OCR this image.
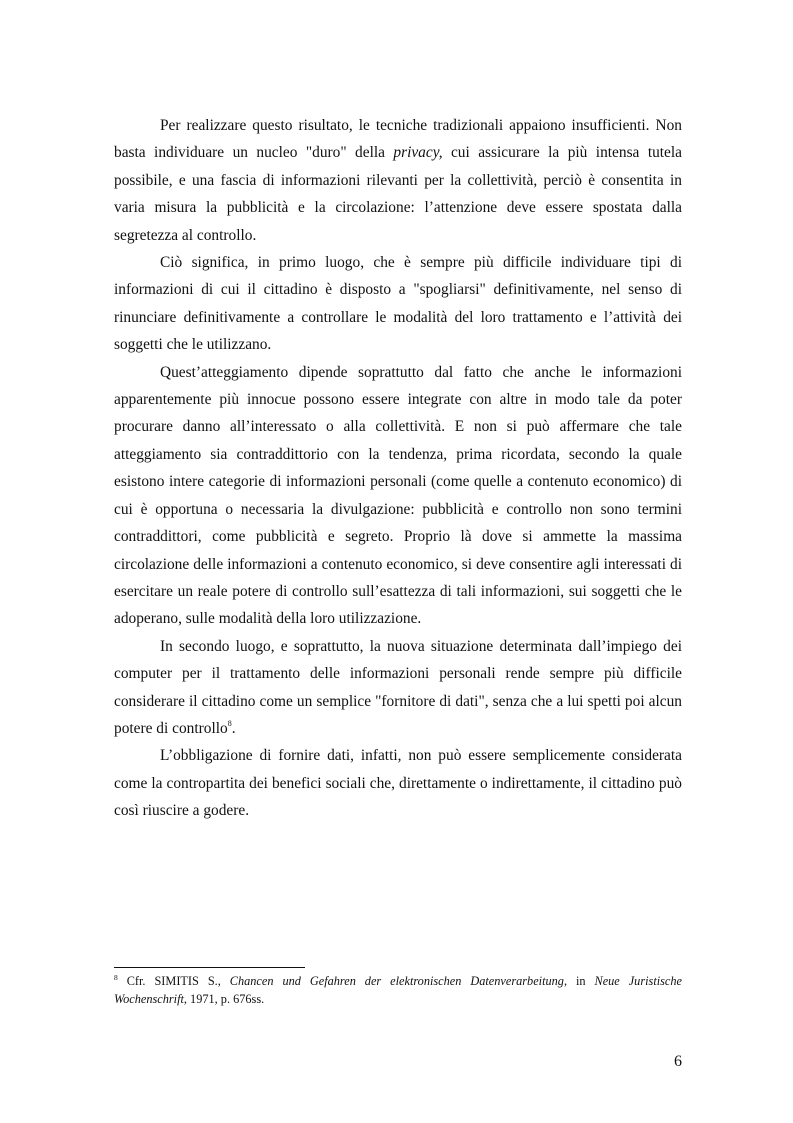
Per realizzare questo risultato, le tecniche tradizionali appaiono insufficienti. Non basta individuare un nucleo "duro" della privacy, cui assicurare la più intensa tutela possibile, e una fascia di informazioni rilevanti per la collettività, perciò è consentita in varia misura la pubblicità e la circolazione: l’attenzione deve essere spostata dalla segretezza al controllo.

Ciò significa, in primo luogo, che è sempre più difficile individuare tipi di informazioni di cui il cittadino è disposto a "spogliarsi" definitivamente, nel senso di rinunciare definitivamente a controllare le modalità del loro trattamento e l’attività dei soggetti che le utilizzano.

Quest’atteggiamento dipende soprattutto dal fatto che anche le informazioni apparentemente più innocue possono essere integrate con altre in modo tale da poter procurare danno all’interessato o alla collettività. E non si può affermare che tale atteggiamento sia contraddittorio con la tendenza, prima ricordata, secondo la quale esistono intere categorie di informazioni personali (come quelle a contenuto economico) di cui è opportuna o necessaria la divulgazione: pubblicità e controllo non sono termini contraddittori, come pubblicità e segreto. Proprio là dove si ammette la massima circolazione delle informazioni a contenuto economico, si deve consentire agli interessati di esercitare un reale potere di controllo sull’esattezza di tali informazioni, sui soggetti che le adoperano, sulle modalità della loro utilizzazione.

In secondo luogo, e soprattutto, la nuova situazione determinata dall’impiego dei computer per il trattamento delle informazioni personali rende sempre più difficile considerare il cittadino come un semplice "fornitore di dati", senza che a lui spetti poi alcun potere di controllo$^8$.

L’obbligazione di fornire dati, infatti, non può essere semplicemente considerata come la contropartita dei benefici sociali che, direttamente o indirettamente, il cittadino può così riuscire a godere.

$^8$ Cfr. SIMITIS S., Chancen und Gefahren der elektronischen Datenverarbeitung, in Neue Juristische Wochenschrift, 1971, p. 676ss.
6
